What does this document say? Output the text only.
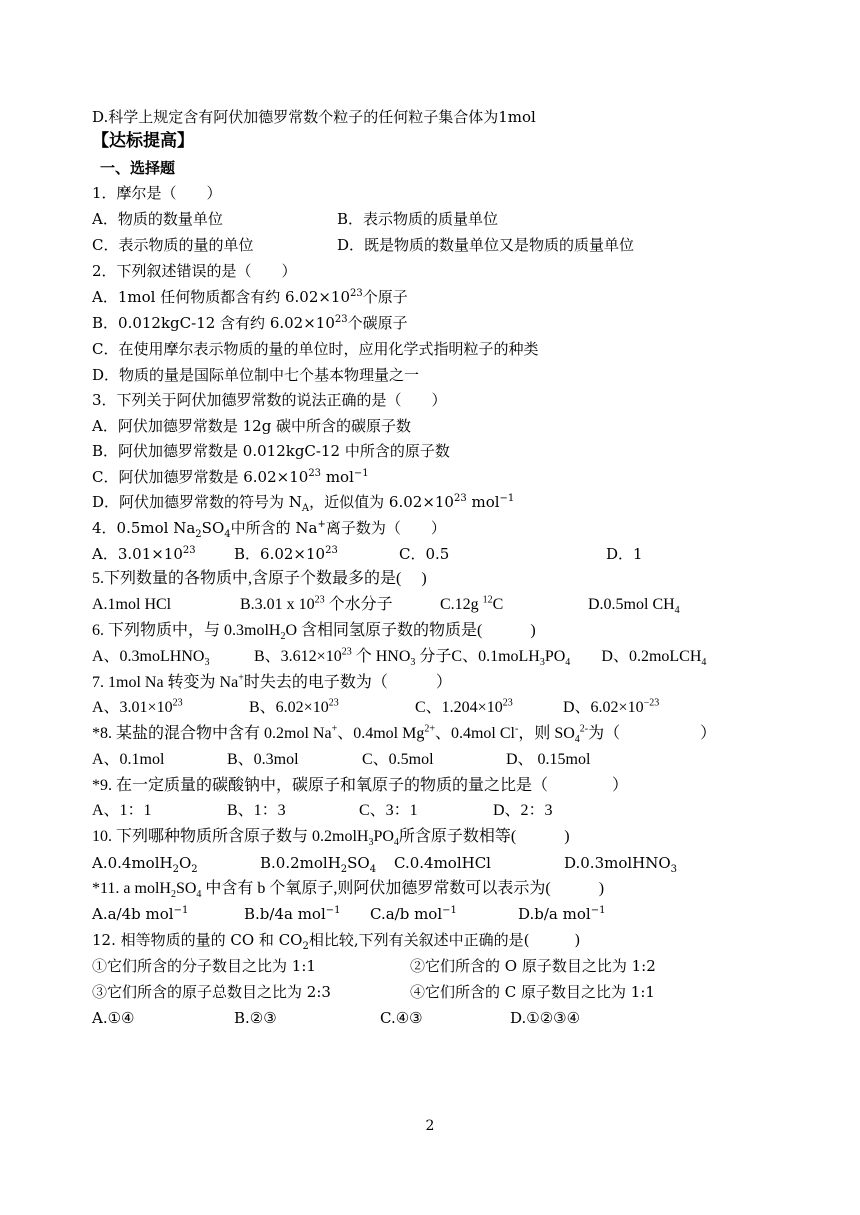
D.科学上规定含有阿伏加德罗常数个粒子的任何粒子集合体为1mol
【达标提高】
一、选择题
1．摩尔是（　　）
A．物质的数量单位	B．表示物质的质量单位
C．表示物质的量的单位	D．既是物质的数量单位又是物质的质量单位
2．下列叙述错误的是（　　）
A．1mol 任何物质都含有约 $6.02\times 10^{23}$个原子
B．0.012kgC-12 含有约 $6.02\times 10^{23}$个碳原子
C．在使用摩尔表示物质的量的单位时，应用化学式指明粒子的种类
D．物质的量是国际单位制中七个基本物理量之一
3．下列关于阿伏加德罗常数的说法正确的是（　　）
A．阿伏加德罗常数是 12g 碳中所含的碳原子数
B．阿伏加德罗常数是 0.012kgC-12 中所含的原子数
C．阿伏加德罗常数是 $6.02\times 10^{23}$ mol$^{-1}$
D．阿伏加德罗常数的符号为 $N_A$，近似值为 $6.02\times 10^{23}$ mol$^{-1}$
4．0.5mol $Na_2SO_4$中所含的 Na+离子数为（　　）
A．$3.01\times 10^{23}$	B．$6.02\times 10^{23}$	C．0.5	D．1
5.下列数量的各物质中,含原子个数最多的是(　 )
A.1mol HCl	B.3.01 x $10^{23}$ 个水分子	C.12g $^{12}$C	D.0.5mol $CH_4$
6. 下列物质中，与 0.3molH$_2$O 含相同氢原子数的物质是(　　　)
A、0.3moLHNO$_3$	B、$3.612\times 10^{23}$ 个 $HNO_3$ 分子C、$0.1moLH_3PO_4$ D、0.2moLCH$_4$
7. 1mol Na 转变为 Na+时失去的电子数为（　　　）
A、$3.01\times 10^{23}$	B、$6.02\times 10^{23}$	C、$1.204\times 10^{23}$	D、$6.02\times 10^{-23}$
*8. 某盐的混合物中含有 0.2mol Na+、0.4mol $Mg^{2+}$、0.4mol Cl-，则 $SO_4^{2-}$为（　　　　　）
A、0.1mol	B、0.3mol	C、0.5mol	D、 0.15mol
*9. 在一定质量的碳酸钠中，碳原子和氧原子的物质的量之比是（　　　　）
A、1：1	B、1：3	C、3：1	D、2：3
10. 下列哪种物质所含原子数与 $0.2molH_3PO_4$所含原子数相等(　　　)
$A.0.4molH_2O_2$	$B.0.2molH_2SO_4$ C.0.4molHCl	D.0.3molHNO$_3$
*11. a $molH_2SO_4$ 中含有 b 个氧原子,则阿伏加德罗常数可以表示为(　　　)
A.a/4b mol$^{-1}$	B.b/4a mol$^{-1}$ C.a/b mol$^{-1}$	D.b/a mol$^{-1}$
12. 相等物质的量的 CO 和 $CO_2$相比较,下列有关叙述中正确的是(　　　)
①它们所含的分子数目之比为 1:1	②它们所含的 O 原子数目之比为 1:2
③它们所含的原子总数目之比为 2:3	④它们所含的 C 原子数目之比为 1:1
A.①④	B.②③	C.④③	D.①②③④
2
